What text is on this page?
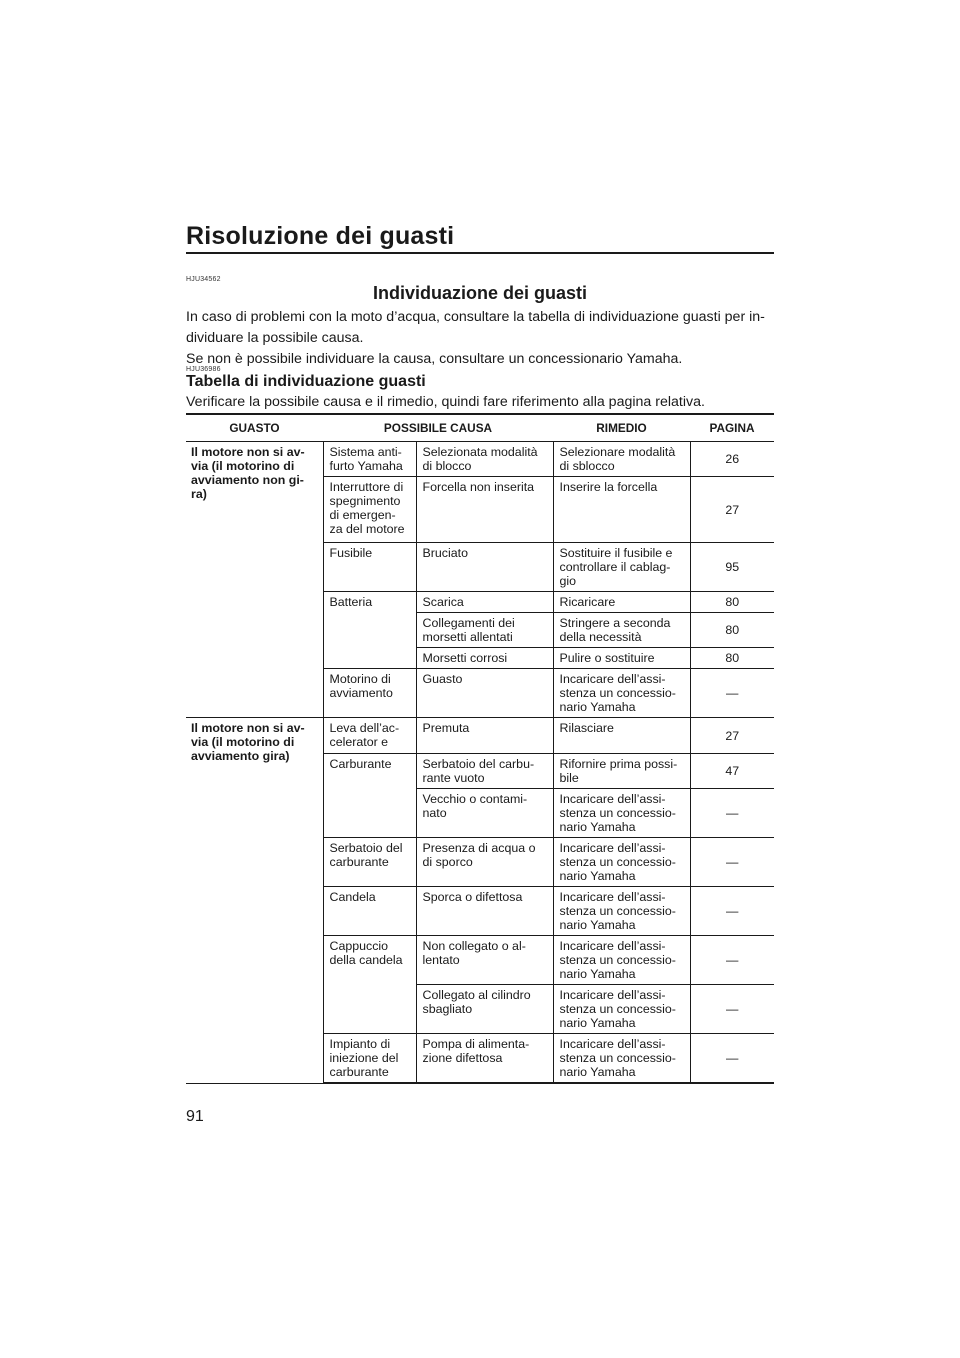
Risoluzione dei guasti
HJU34562
Individuazione dei guasti

In caso di problemi con la moto d’acqua, consultare la tabella di individuazione guasti per in-

dividuare la possibile causa.

Se non è possibile individuare la causa, consultare un concessionario Yamaha.

HJU36986
Tabella di individuazione guasti
Verificare la possibile causa e il rimedio, quindi fare riferimento alla pagina relativa.
GUASTO	POSSIBILE CAUSA		RIMEDIO	PAGINA
Il motore non si av-
via (il motorino di
avviamento non gi-
ra)	Sistema anti-
furto Yamaha	Selezionata modalità
di blocco	Selezionare modalità
di sblocco	26
	Interruttore di
spegnimento
di emergen-
za del motore	Forcella non inserita	Inserire la forcella	27
	Fusibile	Bruciato	Sostituire il fusibile e
controllare il cablag-
gio	95
	Batteria	Scarica	Ricaricare	80
		Collegamenti dei
morsetti allentati	Stringere a seconda
della necessità	80
		Morsetti corrosi	Pulire o sostituire	80
	Motorino di
avviamento	Guasto	Incaricare dell’assi-
stenza un concessio-
nario Yamaha	—
Il motore non si av-
via (il motorino di
avviamento gira)	Leva dell’ac-
celerator e	Premuta	Rilasciare	27
	Carburante	Serbatoio del carbu-
rante vuoto	Rifornire prima possi-
bile	47
		Vecchio o contami-
nato	Incaricare dell’assi-
stenza un concessio-
nario Yamaha	—
	Serbatoio del
carburante	Presenza di acqua o
di sporco	Incaricare dell’assi-
stenza un concessio-
nario Yamaha	—
	Candela	Sporca o difettosa	Incaricare dell’assi-
stenza un concessio-
nario Yamaha	—
	Cappuccio
della candela	Non collegato o al-
lentato	Incaricare dell’assi-
stenza un concessio-
nario Yamaha	—
		Collegato al cilindro
sbagliato	Incaricare dell’assi-
stenza un concessio-
nario Yamaha	—
	Impianto di
iniezione del
carburante	Pompa di alimenta-
zione difettosa	Incaricare dell’assi-
stenza un concessio-
nario Yamaha	—
91
